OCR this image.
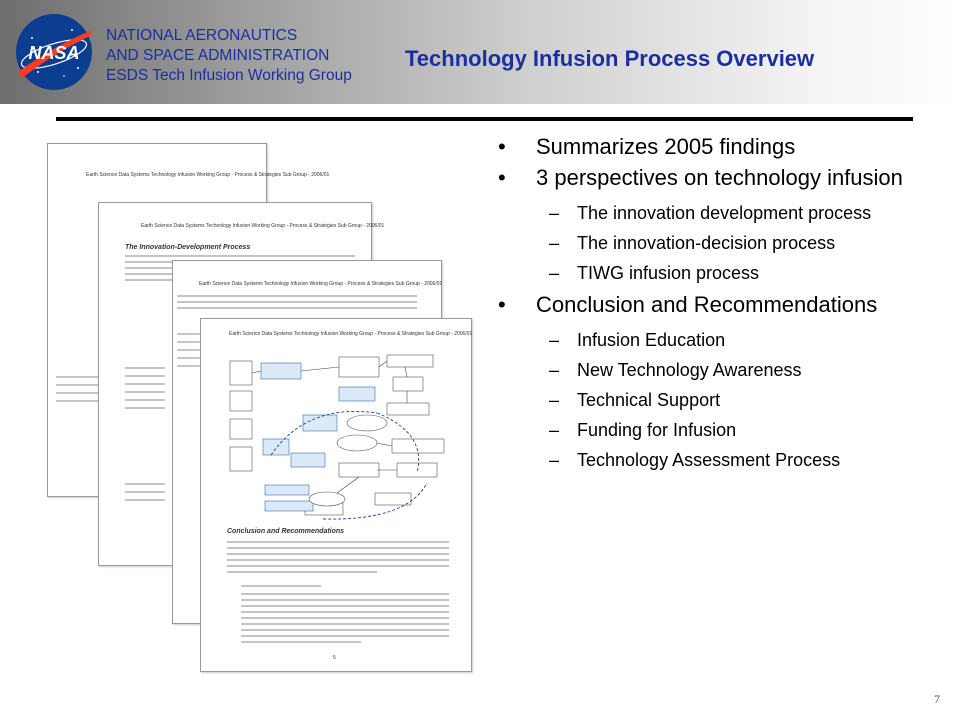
NASA
NATIONAL AERONAUTICS
AND SPACE ADMINISTRATION
ESDS Tech Infusion Working Group
Technology Infusion Process Overview
Earth Science Data Systems Technology Infusion Working Group - Process & Strategies Sub Group - 2006/01
Earth Science Data Systems Technology Infusion Working Group - Process & Strategies Sub Group - 2006/01
The Innovation-Development Process
Earth Science Data Systems Technology Infusion Working Group - Process & Strategies Sub Group - 2006/01
Earth Science Data Systems Technology Infusion Working Group - Process & Strategies Sub Group - 2006/01
Conclusion and Recommendations
5
• Summarizes 2005 findings
• 3 perspectives on technology infusion
– The innovation development process
– The innovation-decision process
– TIWG infusion process
• Conclusion and Recommendations
– Infusion Education
– New Technology Awareness
– Technical Support
– Funding for Infusion
– Technology Assessment Process
7
